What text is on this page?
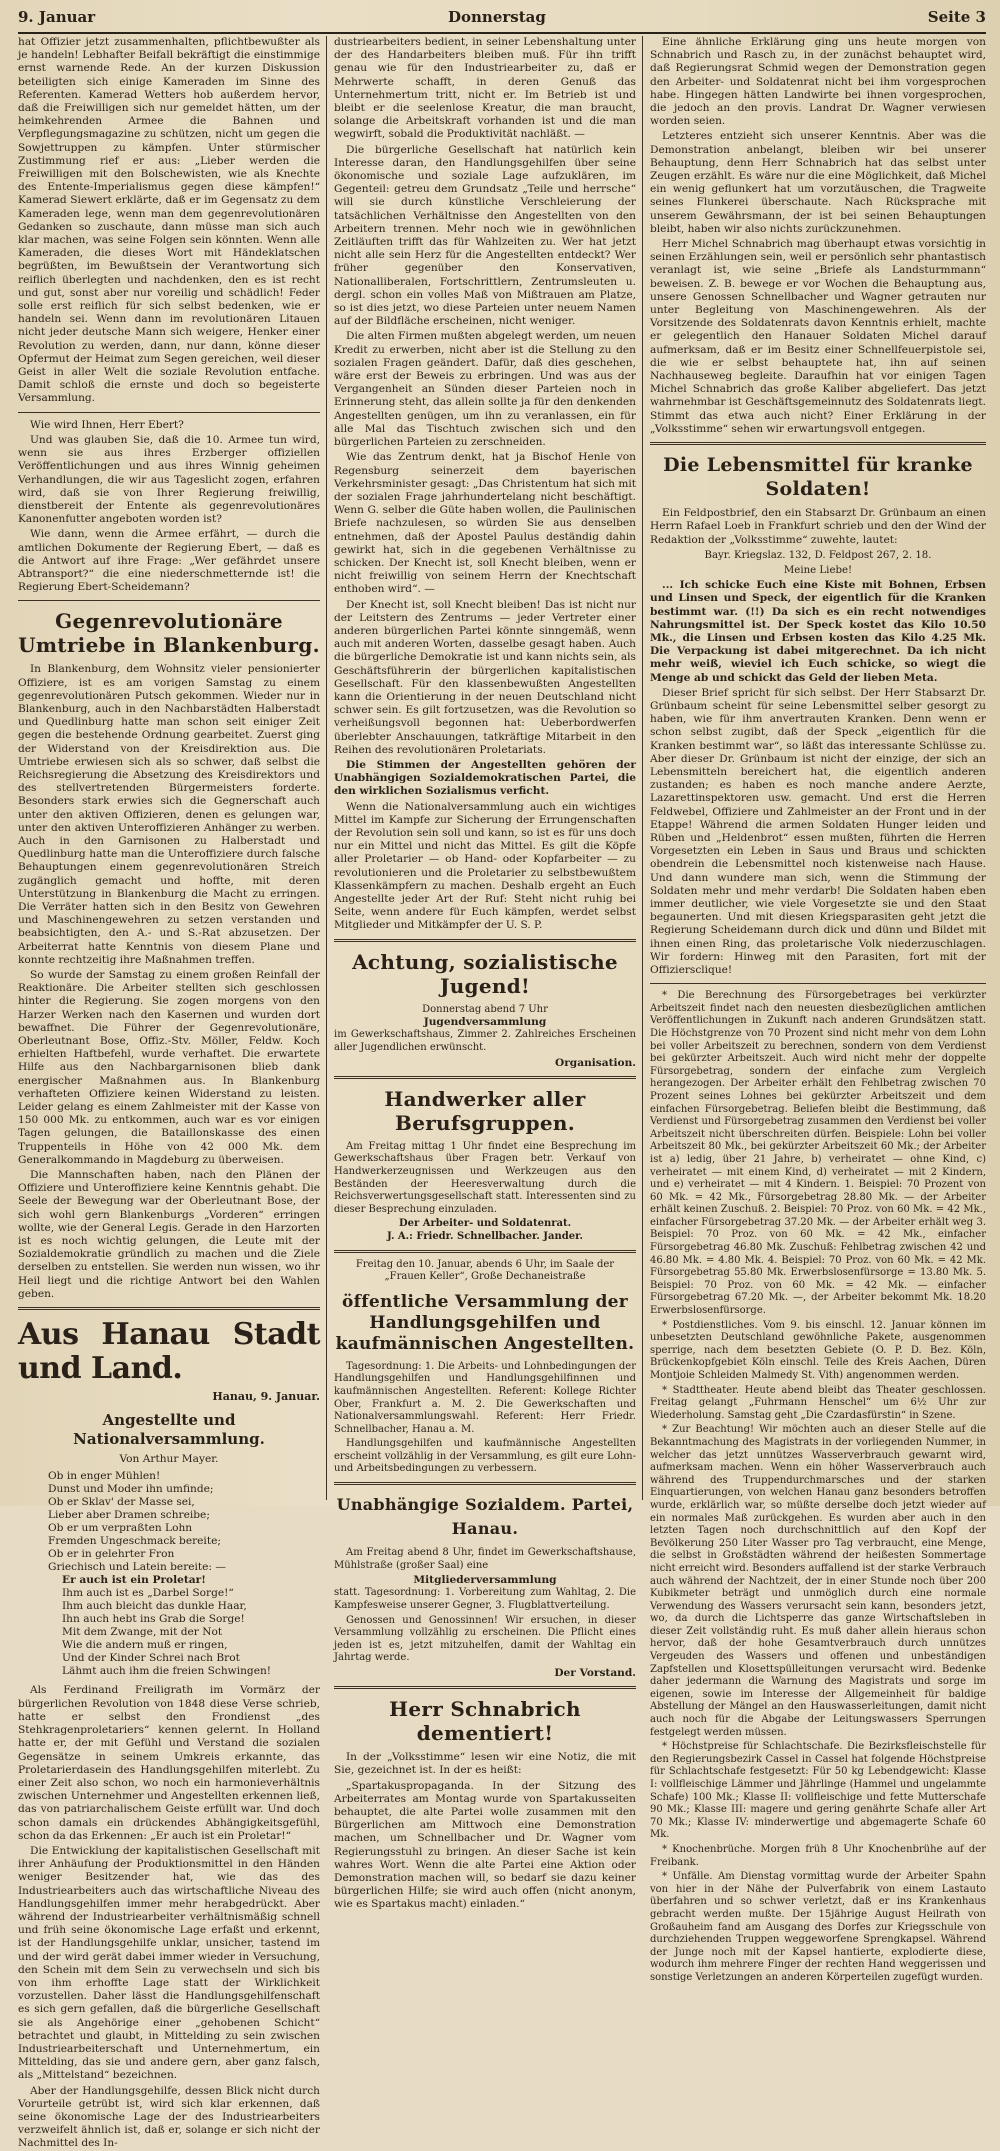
9. Januar	Donnerstag	Seite 3

hat Offizier jetzt zusammenhalten, pflichtbewußter als je handeln! Lebhafter Beifall bekräftigt die einstimmige ernst warnende Rede. An der kurzen Diskussion beteiligten sich einige Kameraden im Sinne des Referenten. Kamerad Wetters hob außerdem hervor, daß die Freiwilligen sich nur gemeldet hätten, um der heimkehrenden Armee die Bahnen und Verpflegungsmagazine zu schützen, nicht um gegen die Sowjettruppen zu kämpfen. Unter stürmischer Zustimmung rief er aus: „Lieber werden die Freiwilligen mit den Bolschewisten, wie als Knechte des Entente-Imperialismus gegen diese kämpfen!“ Kamerad Siewert erklärte, daß er im Gegensatz zu dem Kameraden lege, wenn man dem gegenrevolutionären Gedanken so zuschaute, dann müsse man sich auch klar machen, was seine Folgen sein könnten. Wenn alle Kameraden, die dieses Wort mit Händeklatschen begrüßten, im Bewußtsein der Verantwortung sich reiflich überlegten und nachdenken, den es ist recht und gut, sonst aber nur voreilig und schädlich! Feder solle erst reiflich für sich selbst bedenken, wie er handeln sei. Wenn dann im revolutionären Litauen nicht jeder deutsche Mann sich weigere, Henker einer Revolution zu werden, dann, nur dann, könne dieser Opfermut der Heimat zum Segen gereichen, weil dieser Geist in aller Welt die soziale Revolution entfache. Damit schloß die ernste und doch so begeisterte Versammlung.

Wie wird Ihnen, Herr Ebert?

Und was glauben Sie, daß die 10. Armee tun wird, wenn sie aus ihres Erzberger offiziellen Veröffentlichungen und aus ihres Winnig geheimen Verhandlungen, die wir aus Tageslicht zogen, erfahren wird, daß sie von Ihrer Regierung freiwillig, dienstbereit der Entente als gegenrevolutionäres Kanonenfutter angeboten worden ist?

Wie dann, wenn die Armee erfährt, — durch die amtlichen Dokumente der Regierung Ebert, — daß es die Antwort auf ihre Frage: „Wer gefährdet unsere Abtransport?“ die eine niederschmetternde ist! die Regierung Ebert-Scheidemann?

Gegenrevolutionäre Umtriebe in Blankenburg.

In Blankenburg, dem Wohnsitz vieler pensionierter Offiziere, ist es am vorigen Samstag zu einem gegenrevolutionären Putsch gekommen. Wieder nur in Blankenburg, auch in den Nachbarstädten Halberstadt und Quedlinburg hatte man schon seit einiger Zeit gegen die bestehende Ordnung gearbeitet. Zuerst ging der Widerstand von der Kreisdirektion aus. Die Umtriebe erwiesen sich als so schwer, daß selbst die Reichsregierung die Absetzung des Kreisdirektors und des stellvertretenden Bürgermeisters forderte. Besonders stark erwies sich die Gegnerschaft auch unter den aktiven Offizieren, denen es gelungen war, unter den aktiven Unteroffizieren Anhänger zu werben. Auch in den Garnisonen zu Halberstadt und Quedlinburg hatte man die Unteroffiziere durch falsche Behauptungen einem gegenrevolutionären Streich zugänglich gemacht und hoffte, mit deren Unterstützung in Blankenburg die Macht zu erringen. Die Verräter hatten sich in den Besitz von Gewehren und Maschinengewehren zu setzen verstanden und beabsichtigten, den A.- und S.-Rat abzusetzen. Der Arbeiterrat hatte Kenntnis von diesem Plane und konnte rechtzeitig ihre Maßnahmen treffen.

So wurde der Samstag zu einem großen Reinfall der Reaktionäre. Die Arbeiter stellten sich geschlossen hinter die Regierung. Sie zogen morgens von den Harzer Werken nach den Kasernen und wurden dort bewaffnet. Die Führer der Gegenrevolutionäre, Oberleutnant Bose, Offiz.-Stv. Möller, Feldw. Koch erhielten Haftbefehl, wurde verhaftet. Die erwartete Hilfe aus den Nachbargarnisonen blieb dank energischer Maßnahmen aus. In Blankenburg verhafteten Offiziere keinen Widerstand zu leisten. Leider gelang es einem Zahlmeister mit der Kasse von 150 000 Mk. zu entkommen, auch war es vor einigen Tagen gelungen, die Bataillonskasse des einen Truppenteils in Höhe von 42 000 Mk. dem Generalkommando in Magdeburg zu überweisen.

Die Mannschaften haben, nach den Plänen der Offiziere und Unteroffiziere keine Kenntnis gehabt. Die Seele der Bewegung war der Oberleutnant Bose, der sich wohl gern Blankenburgs „Vorderen“ erringen wollte, wie der General Legis. Gerade in den Harzorten ist es noch wichtig gelungen, die Leute mit der Sozialdemokratie gründlich zu machen und die Ziele derselben zu entstellen. Sie werden nun wissen, wo ihr Heil liegt und die richtige Antwort bei den Wahlen geben.

Aus Hanau Stadt und Land.
Hanau, 9. Januar.
Angestellte und Nationalversammlung.
Von Arthur Mayer.
Ob in enger Mühlen!
Dunst und Moder ihn umfinde;
Ob er Sklav' der Masse sei,
Lieber aber Dramen schreibe;
Ob er um verpraßten Lohn
Fremden Ungeschmack bereite;
Ob er in gelehrter Fron
Griechisch und Latein bereite: —
Er auch ist ein Proletar!
Ihm auch ist es „Darbel Sorge!“
Ihm auch bleicht das dunkle Haar,
Ihn auch hebt ins Grab die Sorge!
Mit dem Zwange, mit der Not
Wie die andern muß er ringen,
Und der Kinder Schrei nach Brot
Lähmt auch ihm die freien Schwingen!

Als Ferdinand Freiligrath im Vormärz der bürgerlichen Revolution von 1848 diese Verse schrieb, hatte er selbst den Frondienst „des Stehkragenproletariers“ kennen gelernt. In Holland hatte er, der mit Gefühl und Verstand die sozialen Gegensätze in seinem Umkreis erkannte, das Proletarierdasein des Handlungsgehilfen miterlebt. Zu einer Zeit also schon, wo noch ein harmonieverhältnis zwischen Unternehmer und Angestellten erkennen ließ, das von patriarchalischem Geiste erfüllt war. Und doch schon damals ein drückendes Abhängigkeitsgefühl, schon da das Erkennen: „Er auch ist ein Proletar!“

Die Entwicklung der kapitalistischen Gesellschaft mit ihrer Anhäufung der Produktionsmittel in den Händen weniger Besitzender hat, wie das des Industriearbeiters auch das wirtschaftliche Niveau des Handlungsgehilfen immer mehr herabgedrückt. Aber während der Industriearbeiter verhältnismäßig schnell und früh seine ökonomische Lage erfaßt und erkennt, ist der Handlungsgehilfe unklar, unsicher, tastend im und der wird gerät dabei immer wieder in Versuchung, den Schein mit dem Sein zu verwechseln und sich bis von ihm erhoffte Lage statt der Wirklichkeit vorzustellen. Daher lässt die Handlungsgehilfenschaft es sich gern gefallen, daß die bürgerliche Gesellschaft sie als Angehörige einer „gehobenen Schicht“ betrachtet und glaubt, in Mittelding zu sein zwischen Industriearbeiterschaft und Unternehmertum, ein Mittelding, das sie und andere gern, aber ganz falsch, als „Mittelstand“ bezeichnen.

Aber der Handlungsgehilfe, dessen Blick nicht durch Vorurteile getrübt ist, wird sich klar erkennen, daß seine ökonomische Lage der des Industriearbeiters verzweifelt ähnlich ist, daß er, solange er sich nicht der Nachmittel des In-

dustriearbeiters bedient, in seiner Lebenshaltung unter der des Handarbeiters bleiben muß. Für ihn trifft genau wie für den Industriearbeiter zu, daß er Mehrwerte schafft, in deren Genuß das Unternehmertum tritt, nicht er. Im Betrieb ist und bleibt er die seelenlose Kreatur, die man braucht, solange die Arbeitskraft vorhanden ist und die man wegwirft, sobald die Produktivität nachläßt. —

Die bürgerliche Gesellschaft hat natürlich kein Interesse daran, den Handlungsgehilfen über seine ökonomische und soziale Lage aufzuklären, im Gegenteil: getreu dem Grundsatz „Teile und herrsche“ will sie durch künstliche Verschleierung der tatsächlichen Verhältnisse den Angestellten von den Arbeitern trennen. Mehr noch wie in gewöhnlichen Zeitläuften trifft das für Wahlzeiten zu. Wer hat jetzt nicht alle sein Herz für die Angestellten entdeckt? Wer früher gegenüber den Konservativen, Nationalliberalen, Fortschrittlern, Zentrumsleuten u. dergl. schon ein volles Maß von Mißtrauen am Platze, so ist dies jetzt, wo diese Parteien unter neuem Namen auf der Bildfläche erscheinen, nicht weniger.

Die alten Firmen mußten abgelegt werden, um neuen Kredit zu erwerben, nicht aber ist die Stellung zu den sozialen Fragen geändert. Dafür, daß dies geschehen, wäre erst der Beweis zu erbringen. Und was aus der Vergangenheit an Sünden dieser Parteien noch in Erinnerung steht, das allein sollte ja für den denkenden Angestellten genügen, um ihn zu veranlassen, ein für alle Mal das Tischtuch zwischen sich und den bürgerlichen Parteien zu zerschneiden.

Wie das Zentrum denkt, hat ja Bischof Henle von Regensburg seinerzeit dem bayerischen Verkehrsminister gesagt: „Das Christentum hat sich mit der sozialen Frage jahrhundertelang nicht beschäftigt. Wenn G. selber die Güte haben wollen, die Paulinischen Briefe nachzulesen, so würden Sie aus denselben entnehmen, daß der Apostel Paulus deständig dahin gewirkt hat, sich in die gegebenen Verhältnisse zu schicken. Der Knecht ist, soll Knecht bleiben, wenn er nicht freiwillig von seinem Herrn der Knechtschaft enthoben wird“. —

Der Knecht ist, soll Knecht bleiben! Das ist nicht nur der Leitstern des Zentrums — jeder Vertreter einer anderen bürgerlichen Partei könnte sinngemäß, wenn auch mit anderen Worten, dasselbe gesagt haben. Auch die bürgerliche Demokratie ist und kann nichts sein, als Geschäftsführerin der bürgerlichen kapitalistischen Gesellschaft. Für den klassenbewußten Angestellten kann die Orientierung in der neuen Deutschland nicht schwer sein. Es gilt fortzusetzen, was die Revolution so verheißungsvoll begonnen hat: Ueberbordwerfen überlebter Anschauungen, tatkräftige Mitarbeit in den Reihen des revolutionären Proletariats.

Die Stimmen der Angestellten gehören der Unabhängigen Sozialdemokratischen Partei, die den wirklichen Sozialismus verficht.

Wenn die Nationalversammlung auch ein wichtiges Mittel im Kampfe zur Sicherung der Errungenschaften der Revolution sein soll und kann, so ist es für uns doch nur ein Mittel und nicht das Mittel. Es gilt die Köpfe aller Proletarier — ob Hand- oder Kopfarbeiter — zu revolutionieren und die Proletarier zu selbstbewußtem Klassenkämpfern zu machen. Deshalb ergeht an Euch Angestellte jeder Art der Ruf: Steht nicht ruhig bei Seite, wenn andere für Euch kämpfen, werdet selbst Mitglieder und Mitkämpfer der U. S. P.

Achtung, sozialistische Jugend!
Donnerstag abend 7 Uhr
Jugendversammlung
im Gewerkschaftshaus, Zimmer 2. Zahlreiches Erscheinen aller Jugendlichen erwünscht.
Organisation.
Handwerker aller Berufsgruppen.

Am Freitag mittag 1 Uhr findet eine Besprechung im Gewerkschaftshaus über Fragen betr. Verkauf von Handwerkerzeugnissen und Werkzeugen aus den Beständen der Heeresverwaltung durch die Reichsverwertungsgesellschaft statt. Interessenten sind zu dieser Besprechung einzuladen.

Der Arbeiter- und Soldatenrat.
J. A.: Friedr. Schnellbacher. Jander.
Freitag den 10. Januar, abends 6 Uhr, im Saale der „Frauen Keller“, Große Dechaneistraße
öffentliche Versammlung der Handlungsgehilfen und kaufmännischen Angestellten.

Tagesordnung: 1. Die Arbeits- und Lohnbedingungen der Handlungsgehilfen und Handlungsgehilfinnen und kaufmännischen Angestellten. Referent: Kollege Richter Ober, Frankfurt a. M. 2. Die Gewerkschaften und Nationalversammlungswahl. Referent: Herr Friedr. Schnellbacher, Hanau a. M.

Handlungsgehilfen und kaufmännische Angestellten erscheint vollzählig in der Versammlung, es gilt eure Lohn- und Arbeitsbedingungen zu verbessern.

Unabhängige Sozialdem. Partei, Hanau.

Am Freitag abend 8 Uhr, findet im Gewerkschaftshause, Mühlstraße (großer Saal) eine

Mitgliederversammlung

statt. Tagesordnung: 1. Vorbereitung zum Wahltag, 2. Die Kampfesweise unserer Gegner, 3. Flugblattverteilung.

Genossen und Genossinnen! Wir ersuchen, in dieser Versammlung vollzählig zu erscheinen. Die Pflicht eines jeden ist es, jetzt mitzuhelfen, damit der Wahltag ein Jahrtag werde.

Der Vorstand.
Herr Schnabrich dementiert!

In der „Volksstimme“ lesen wir eine Notiz, die mit Sie, gezeichnet ist. In der es heißt:

„Spartakuspropaganda. In der Sitzung des Arbeiterrates am Montag wurde von Spartakusseiten behauptet, die alte Partei wolle zusammen mit den Bürgerlichen am Mittwoch eine Demonstration machen, um Schnellbacher und Dr. Wagner vom Regierungsstuhl zu bringen. An dieser Sache ist kein wahres Wort. Wenn die alte Partei eine Aktion oder Demonstration machen will, so bedarf sie dazu keiner bürgerlichen Hilfe; sie wird auch offen (nicht anonym, wie es Spartakus macht) einladen.“

Eine ähnliche Erklärung ging uns heute morgen von Schnabrich und Rasch zu, in der zunächst behauptet wird, daß Regierungsrat Schmid wegen der Demonstration gegen den Arbeiter- und Soldatenrat nicht bei ihm vorgesprochen habe. Hingegen hätten Landwirte bei ihnen vorgesprochen, die jedoch an den provis. Landrat Dr. Wagner verwiesen worden seien.

Letzteres entzieht sich unserer Kenntnis. Aber was die Demonstration anbelangt, bleiben wir bei unserer Behauptung, denn Herr Schnabrich hat das selbst unter Zeugen erzählt. Es wäre nur die eine Möglichkeit, daß Michel ein wenig geflunkert hat um vorzutäuschen, die Tragweite seines Flunkerei überschaute. Nach Rücksprache mit unserem Gewährsmann, der ist bei seinen Behauptungen bleibt, haben wir also nichts zurückzunehmen.

Herr Michel Schnabrich mag überhaupt etwas vorsichtig in seinen Erzählungen sein, weil er persönlich sehr phantastisch veranlagt ist, wie seine „Briefe als Landsturmmann“ beweisen. Z. B. bewege er vor Wochen die Behauptung aus, unsere Genossen Schnellbacher und Wagner getrauten nur unter Begleitung von Maschinengewehren. Als der Vorsitzende des Soldatenrats davon Kenntnis erhielt, machte er gelegentlich den Hanauer Soldaten Michel darauf aufmerksam, daß er im Besitz einer Schnellfeuerpistole sei, die wie er selbst behauptete hat, ihn auf seinen Nachhauseweg begleite. Daraufhin hat vor einigen Tagen Michel Schnabrich das große Kaliber abgeliefert. Das jetzt wahrnehmbar ist Geschäftsgemeinnutz des Soldatenrats liegt. Stimmt das etwa auch nicht? Einer Erklärung in der „Volksstimme“ sehen wir erwartungsvoll entgegen.

Die Lebensmittel für kranke Soldaten!

Ein Feldpostbrief, den ein Stabsarzt Dr. Grünbaum an einen Herrn Rafael Loeb in Frankfurt schrieb und den der Wind der Redaktion der „Volksstimme“ zuwehte, lautet:

Bayr. Kriegslaz. 132, D. Feldpost 267, 2. 18.
Meine Liebe!

... Ich schicke Euch eine Kiste mit Bohnen, Erbsen und Linsen und Speck, der eigentlich für die Kranken bestimmt war. (!!) Da sich es ein recht notwendiges Nahrungsmittel ist. Der Speck kostet das Kilo 10.50 Mk., die Linsen und Erbsen kosten das Kilo 4.25 Mk. Die Verpackung ist dabei mitgerechnet. Da ich nicht mehr weiß, wieviel ich Euch schicke, so wiegt die Menge ab und schickt das Geld der lieben Meta.

Dieser Brief spricht für sich selbst. Der Herr Stabsarzt Dr. Grünbaum scheint für seine Lebensmittel selber gesorgt zu haben, wie für ihm anvertrauten Kranken. Denn wenn er schon selbst zugibt, daß der Speck „eigentlich für die Kranken bestimmt war“, so läßt das interessante Schlüsse zu. Aber dieser Dr. Grünbaum ist nicht der einzige, der sich an Lebensmitteln bereichert hat, die eigentlich anderen zustanden; es haben es noch manche andere Aerzte, Lazarettinspektoren usw. gemacht. Und erst die Herren Feldwebel, Offiziere und Zahlmeister an der Front und in der Etappe! Während die armen Soldaten Hunger leiden und Rüben und „Heldenbrot“ essen mußten, führten die Herren Vorgesetzten ein Leben in Saus und Braus und schickten obendrein die Lebensmittel noch kistenweise nach Hause. Und dann wundere man sich, wenn die Stimmung der Soldaten mehr und mehr verdarb! Die Soldaten haben eben immer deutlicher, wie viele Vorgesetzte sie und den Staat begaunerten. Und mit diesen Kriegsparasiten geht jetzt die Regierung Scheidemann durch dick und dünn und Bildet mit ihnen einen Ring, das proletarische Volk niederzuschlagen. Wir fordern: Hinweg mit den Parasiten, fort mit der Offiziersclique!

* Die Berechnung des Fürsorgebetrages bei verkürzter Arbeitszeit findet nach den neuesten diesbezüglichen amtlichen Veröffentlichungen in Zukunft nach anderen Grundsätzen statt. Die Höchstgrenze von 70 Prozent sind nicht mehr von dem Lohn bei voller Arbeitszeit zu berechnen, sondern von dem Verdienst bei gekürzter Arbeitszeit. Auch wird nicht mehr der doppelte Fürsorgebetrag, sondern der einfache zum Vergleich herangezogen. Der Arbeiter erhält den Fehlbetrag zwischen 70 Prozent seines Lohnes bei gekürzter Arbeitszeit und dem einfachen Fürsorgebetrag. Beliefen bleibt die Bestimmung, daß Verdienst und Fürsorgebetrag zusammen den Verdienst bei voller Arbeitszeit nicht überschreiten dürfen. Beispiele: Lohn bei voller Arbeitszeit 80 Mk., bei gekürzter Arbeitszeit 60 Mk.; der Arbeiter ist a) ledig, über 21 Jahre, b) verheiratet — ohne Kind, c) verheiratet — mit einem Kind, d) verheiratet — mit 2 Kindern, und e) verheiratet — mit 4 Kindern. 1. Beispiel: 70 Prozent von 60 Mk. = 42 Mk., Fürsorgebetrag 28.80 Mk. — der Arbeiter erhält keinen Zuschuß. 2. Beispiel: 70 Proz. von 60 Mk. = 42 Mk., einfacher Fürsorgebetrag 37.20 Mk. — der Arbeiter erhält weg 3. Beispiel: 70 Proz. von 60 Mk. = 42 Mk., einfacher Fürsorgebetrag 46.80 Mk. Zuschuß: Fehlbetrag zwischen 42 und 46.80 Mk. = 4.80 Mk. 4. Beispiel: 70 Proz. von 60 Mk. = 42 Mk. Fürsorgebetrag 55.80 Mk. Erwerbslosenfürsorge = 13.80 Mk. 5. Beispiel: 70 Proz. von 60 Mk. = 42 Mk. — einfacher Fürsorgebetrag 67.20 Mk. —, der Arbeiter bekommt Mk. 18.20 Erwerbslosenfürsorge.

* Postdienstliches. Vom 9. bis einschl. 12. Januar können im unbesetzten Deutschland gewöhnliche Pakete, ausgenommen sperrige, nach dem besetzten Gebiete (O. P. D. Bez. Köln, Brückenkopfgebiet Köln einschl. Teile des Kreis Aachen, Düren Montjoie Schleiden Malmedy St. Vith) angenommen werden.

* Stadttheater. Heute abend bleibt das Theater geschlossen. Freitag gelangt „Fuhrmann Henschel“ um 6½ Uhr zur Wiederholung. Samstag geht „Die Czardasfürstin“ in Szene.

* Zur Beachtung! Wir möchten auch an dieser Stelle auf die Bekanntmachung des Magistrats in der vorliegenden Nummer, in welcher das jetzt unnützes Wasserverbrauch gewarnt wird, aufmerksam machen. Wenn ein höher Wasserverbrauch auch während des Truppendurchmarsches und der starken Einquartierungen, von welchen Hanau ganz besonders betroffen wurde, erklärlich war, so müßte derselbe doch jetzt wieder auf ein normales Maß zurückgehen. Es wurden aber auch in den letzten Tagen noch durchschnittlich auf den Kopf der Bevölkerung 250 Liter Wasser pro Tag verbraucht, eine Menge, die selbst in Großstädten während der heißesten Sommertage nicht erreicht wird. Besonders auffallend ist der starke Verbrauch auch während der Nachtzeit, der in einer Stunde noch über 200 Kubikmeter beträgt und unmöglich durch eine normale Verwendung des Wassers verursacht sein kann, besonders jetzt, wo, da durch die Lichtsperre das ganze Wirtschaftsleben in dieser Zeit vollständig ruht. Es muß daher allein hieraus schon hervor, daß der hohe Gesamtverbrauch durch unnützes Vergeuden des Wassers und offenen und unbeständigen Zapfstellen und Klosettspülleitungen verursacht wird. Bedenke daher jedermann die Warnung des Magistrats und sorge im eigenen, sowie im Interesse der Allgemeinheit für baldige Abstellung der Mängel an den Hauswasserleitungen, damit nicht auch noch für die Abgabe der Leitungswassers Sperrungen festgelegt werden müssen.

* Höchstpreise für Schlachtschafe. Die Bezirksfleischstelle für den Regierungsbezirk Cassel in Cassel hat folgende Höchstpreise für Schlachtschafe festgesetzt: Für 50 kg Lebendgewicht: Klasse I: vollfleischige Lämmer und Jährlinge (Hammel und ungelammte Schafe) 100 Mk.; Klasse II: vollfleischige und fette Mutterschafe 90 Mk.; Klasse III: magere und gering genährte Schafe aller Art 70 Mk.; Klasse IV: minderwertige und abgemagerte Schafe 60 Mk.

* Knochenbrüche. Morgen früh 8 Uhr Knochenbrühe auf der Freibank.

* Unfälle. Am Dienstag vormittag wurde der Arbeiter Spahn von hier in der Nähe der Pulverfabrik von einem Lastauto überfahren und so schwer verletzt, daß er ins Krankenhaus gebracht werden mußte. Der 15jährige August Heilrath von Großauheim fand am Ausgang des Dorfes zur Kriegsschule von durchziehenden Truppen weggeworfene Sprengkapsel. Während der Junge noch mit der Kapsel hantierte, explodierte diese, wodurch ihm mehrere Finger der rechten Hand weggerissen und sonstige Verletzungen an anderen Körperteilen zugefügt wurden.
